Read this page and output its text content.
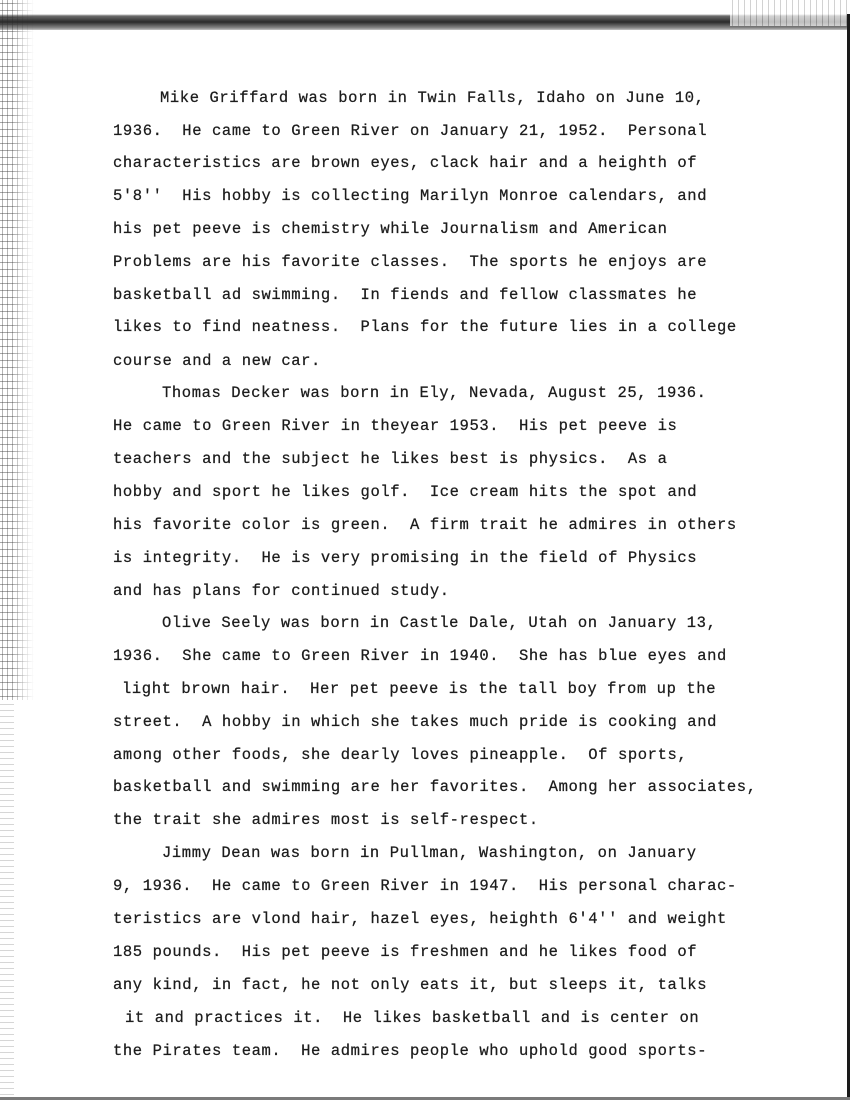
Mike Griffard was born in Twin Falls, Idaho on June 10,
1936.  He came to Green River on January 21, 1952.  Personal
characteristics are brown eyes, clack hair and a heighth of
5'8''  His hobby is collecting Marilyn Monroe calendars, and
his pet peeve is chemistry while Journalism and American
Problems are his favorite classes.  The sports he enjoys are
basketball ad swimming.  In fiends and fellow classmates he
likes to find neatness.  Plans for the future lies in a college
course and a new car.
Thomas Decker was born in Ely, Nevada, August 25, 1936.
He came to Green River in theyear 1953.  His pet peeve is
teachers and the subject he likes best is physics.  As a
hobby and sport he likes golf.  Ice cream hits the spot and
his favorite color is green.  A firm trait he admires in others
is integrity.  He is very promising in the field of Physics
and has plans for continued study.
Olive Seely was born in Castle Dale, Utah on January 13,
1936.  She came to Green River in 1940.  She has blue eyes and
light brown hair.  Her pet peeve is the tall boy from up the
street.  A hobby in which she takes much pride is cooking and
among other foods, she dearly loves pineapple.  Of sports,
basketball and swimming are her favorites.  Among her associates,
the trait she admires most is self-respect.
Jimmy Dean was born in Pullman, Washington, on January
9, 1936.  He came to Green River in 1947.  His personal charac-
teristics are vlond hair, hazel eyes, heighth 6'4'' and weight
185 pounds.  His pet peeve is freshmen and he likes food of
any kind, in fact, he not only eats it, but sleeps it, talks
it and practices it.  He likes basketball and is center on
the Pirates team.  He admires people who uphold good sports-
